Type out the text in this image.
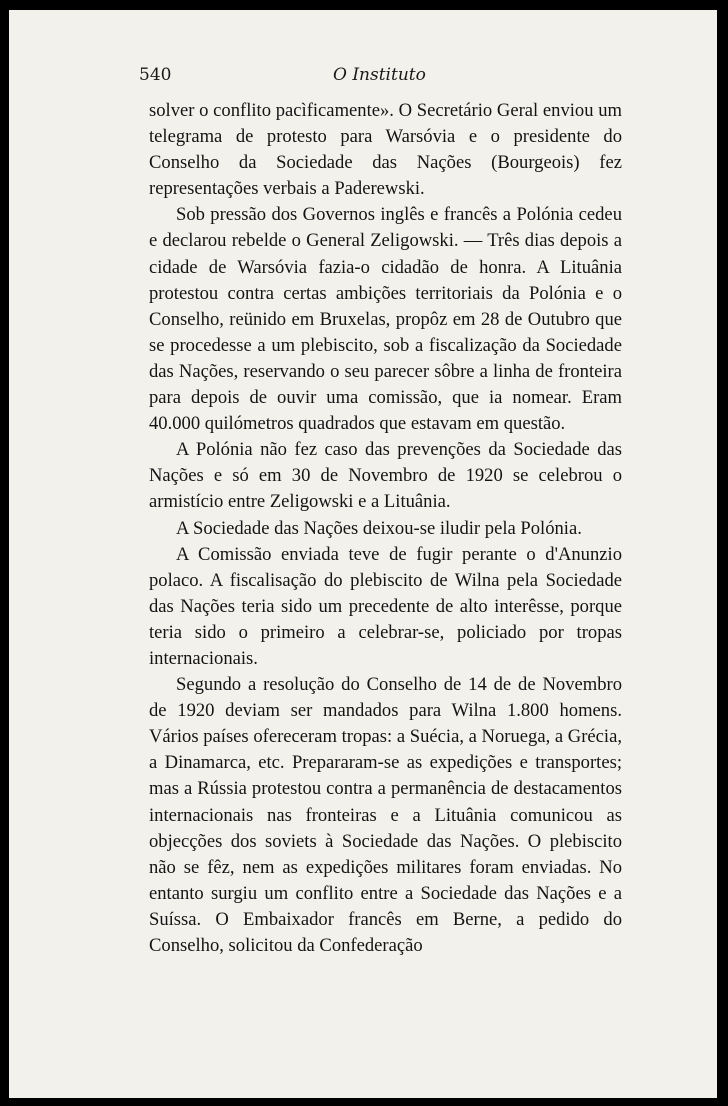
540	O Instituto

solver o conflito pacìficamente». O Secretário Geral enviou um telegrama de protesto para Warsóvia e o presidente do Conselho da Sociedade das Nações (Bourgeois) fez representações verbais a Paderewski.

Sob pressão dos Governos inglês e francês a Polónia cedeu e declarou rebelde o General Zeligowski. — Três dias depois a cidade de Warsóvia fazia-o cidadão de honra. A Lituânia protestou contra certas ambições territoriais da Polónia e o Conselho, reünido em Bruxelas, propôz em 28 de Outubro que se procedesse a um plebiscito, sob a fiscalização da Sociedade das Nações, reservando o seu parecer sôbre a linha de fronteira para depois de ouvir uma comissão, que ia nomear. Eram 40.000 quilómetros quadrados que estavam em questão.

A Polónia não fez caso das prevenções da Sociedade das Nações e só em 30 de Novembro de 1920 se celebrou o armistício entre Zeligowski e a Lituânia.

A Sociedade das Nações deixou-se iludir pela Polónia.

A Comissão enviada teve de fugir perante o d'Anunzio polaco. A fiscalisação do plebiscito de Wilna pela Sociedade das Nações teria sido um precedente de alto interêsse, porque teria sido o primeiro a celebrar-se, policiado por tropas internacionais.

Segundo a resolução do Conselho de 14 de de Novembro de 1920 deviam ser mandados para Wilna 1.800 homens. Vários países ofereceram tropas: a Suécia, a Noruega, a Grécia, a Dinamarca, etc. Prepararam-se as expedições e transportes; mas a Rússia protestou contra a permanência de destacamentos internacionais nas fronteiras e a Lituânia comunicou as objecções dos soviets à Sociedade das Nações. O plebiscito não se fêz, nem as expedições militares foram enviadas. No entanto surgiu um conflito entre a Sociedade das Nações e a Suíssa. O Embaixador francês em Berne, a pedido do Conselho, solicitou da Confederação
